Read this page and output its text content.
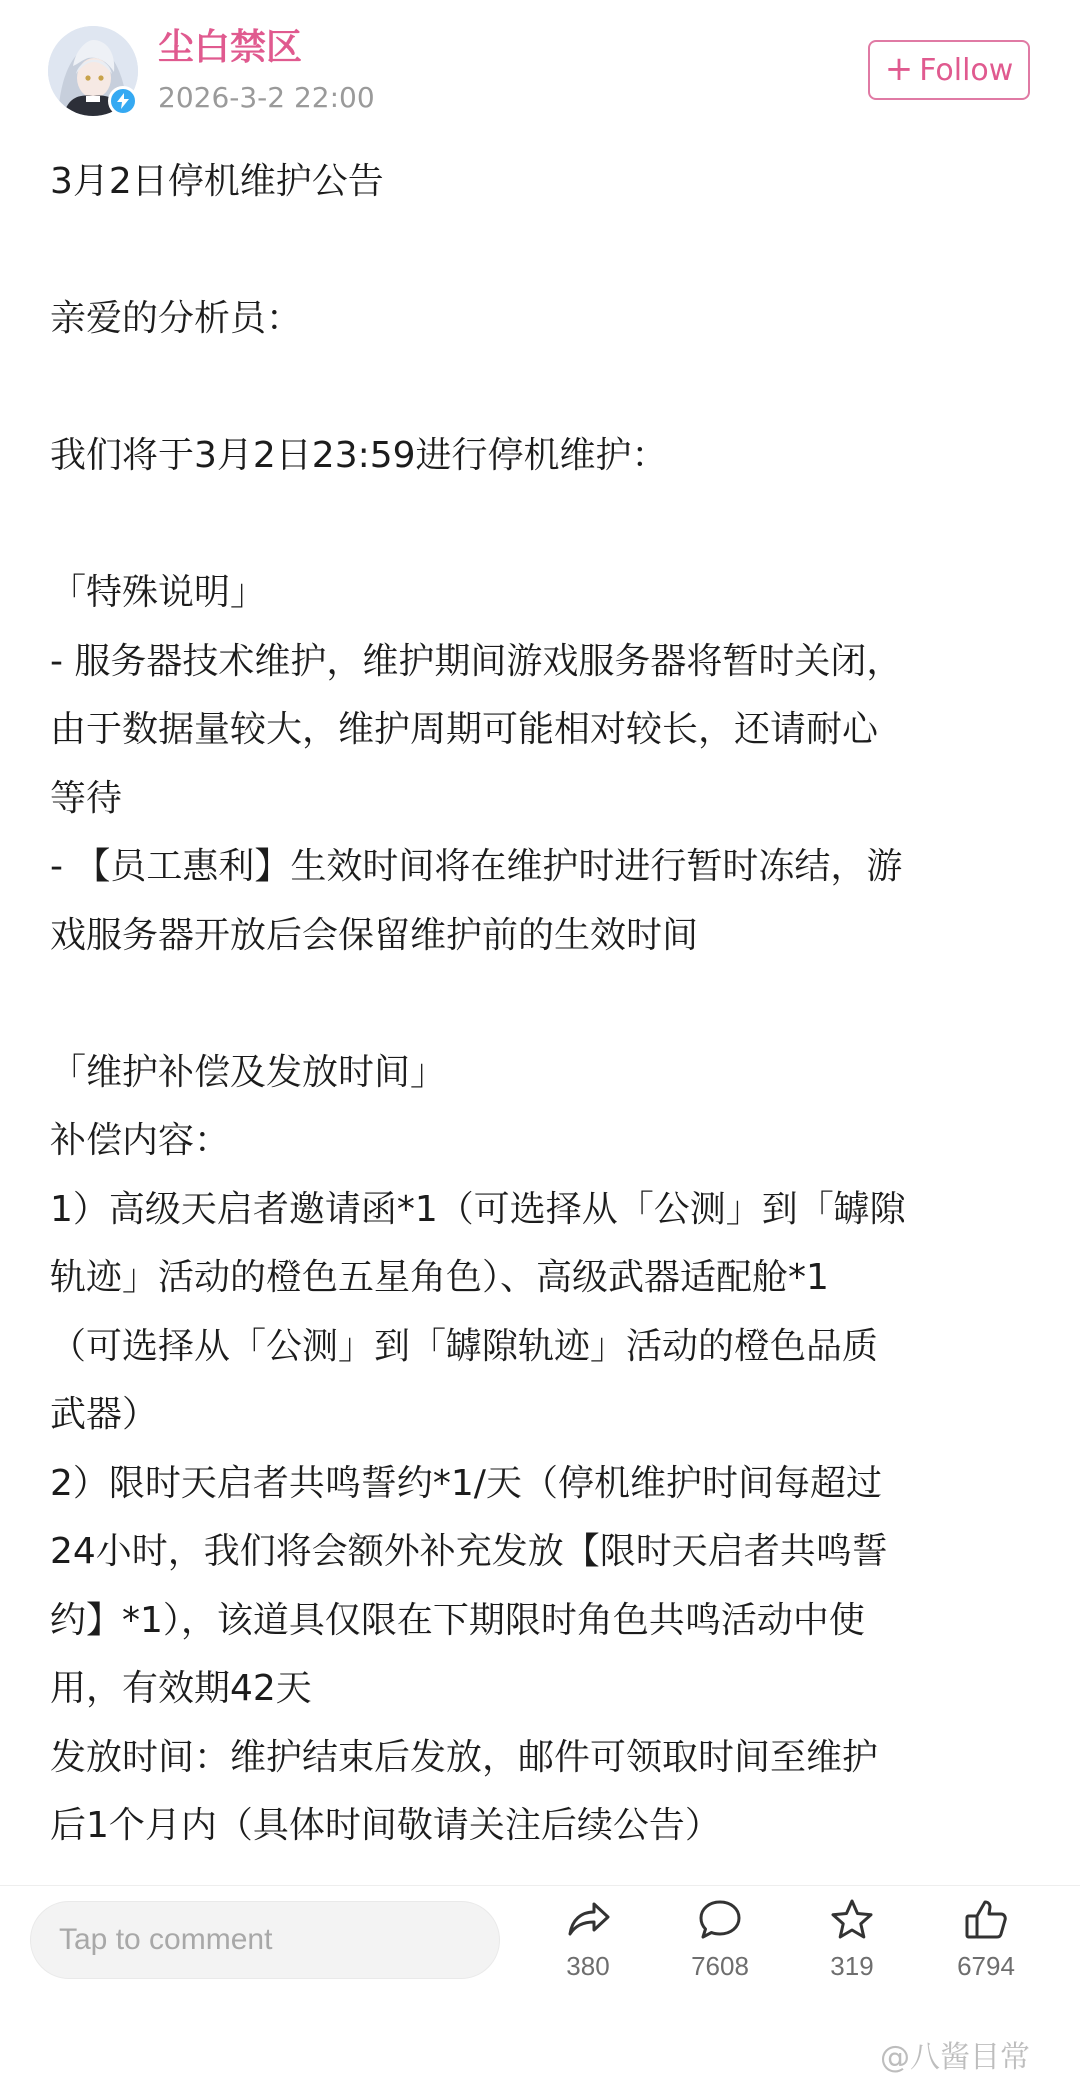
尘白禁区
2026-3-2 22:00
+ Follow
3月2日停机维护公告
亲爱的分析员：
我们将于3月2日23:59进行停机维护：
「特殊说明」
- 服务器技术维护，维护期间游戏服务器将暂时关闭，
由于数据量较大，维护周期可能相对较长，还请耐心
等待
- 【员工惠利】生效时间将在维护时进行暂时冻结，游
戏服务器开放后会保留维护前的生效时间
「维护补偿及发放时间」
补偿内容：
1）高级天启者邀请函*1（可选择从「公测」到「罅隙
轨迹」活动的橙色五星角色）、高级武器适配舱*1
（可选择从「公测」到「罅隙轨迹」活动的橙色品质
武器）
2）限时天启者共鸣誓约*1/天（停机维护时间每超过
24小时，我们将会额外补充发放【限时天启者共鸣誓
约】*1），该道具仅限在下期限时角色共鸣活动中使
用，有效期42天
发放时间：维护结束后发放，邮件可领取时间至维护
后1个月内（具体时间敬请关注后续公告）
Tap to comment
380	7608	319	6794
@八酱目常
